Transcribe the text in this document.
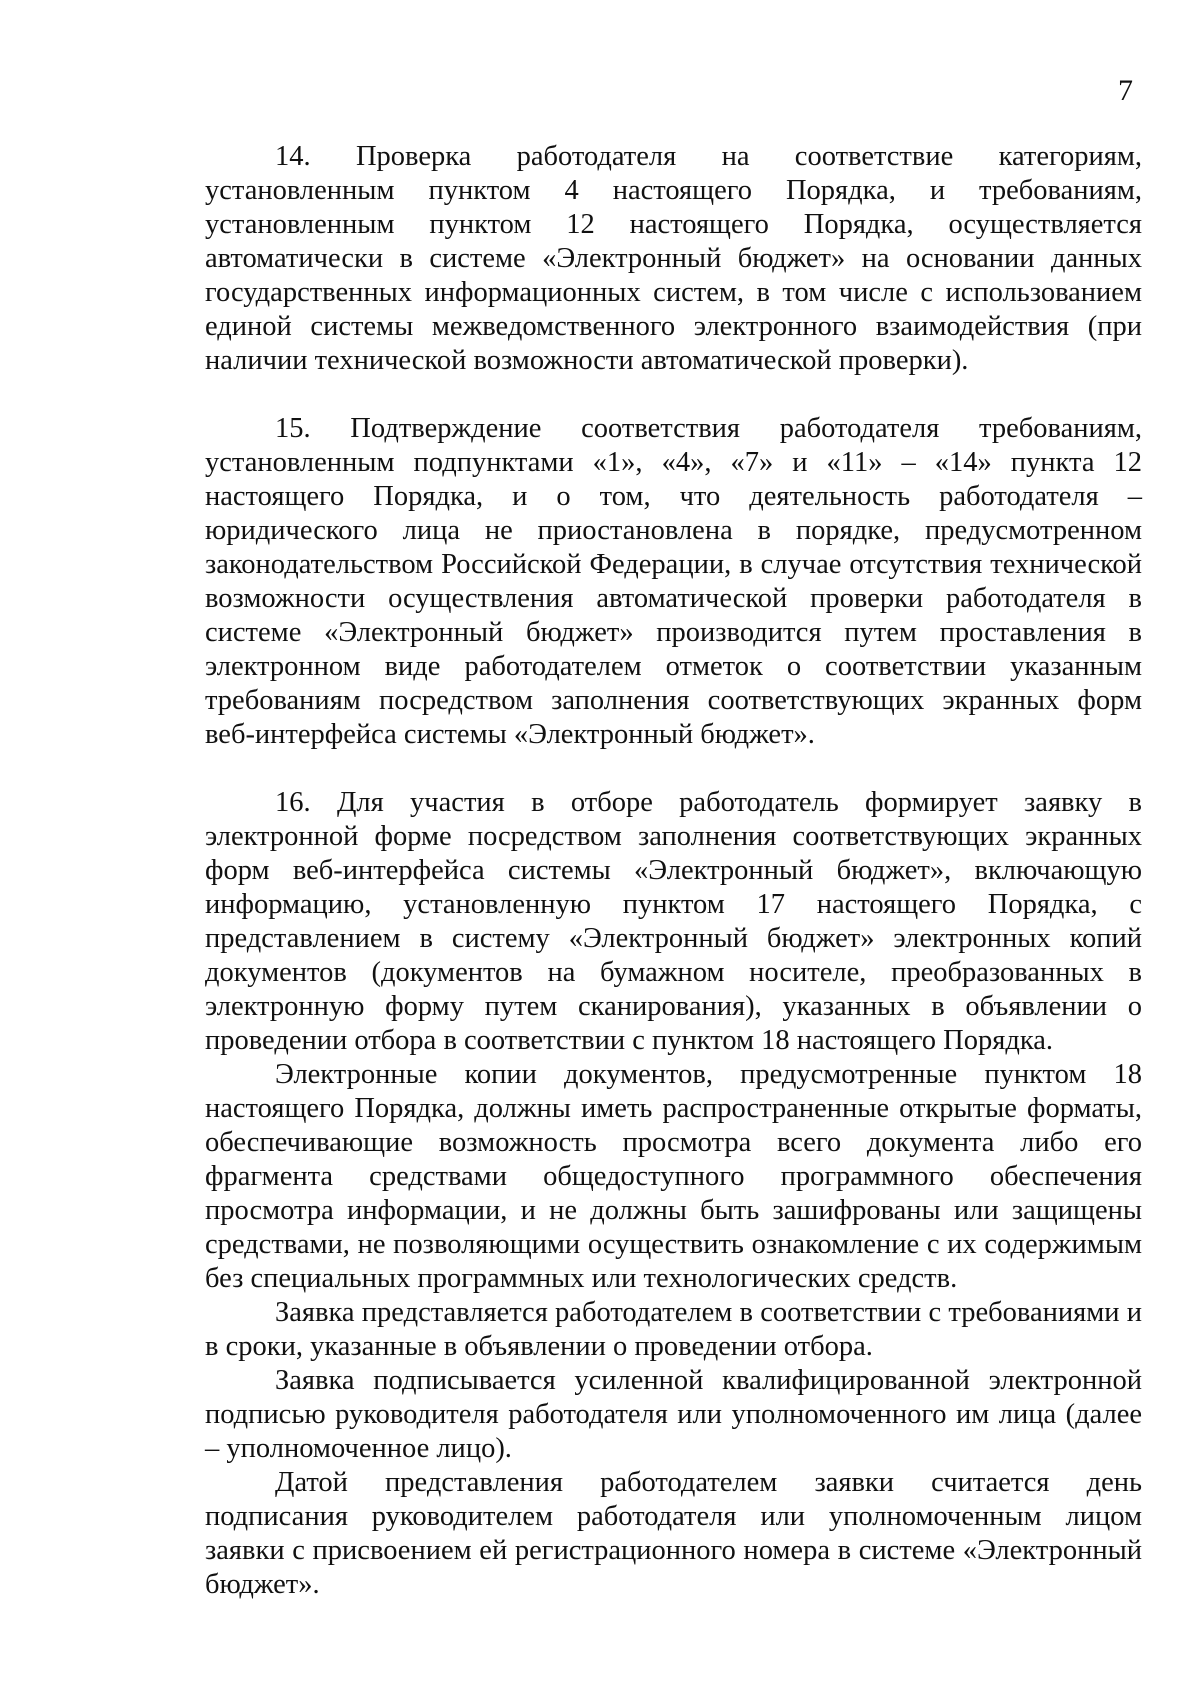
7

14. Проверка работодателя на соответствие категориям, установленным пунктом 4 настоящего Порядка, и требованиям, установленным пунктом 12 настоящего Порядка, осуществляется автоматически в системе «Электронный бюджет» на основании данных государственных информационных систем, в том числе с использованием единой системы межведомственного электронного взаимодействия (при наличии технической возможности автоматической проверки).

15. Подтверждение соответствия работодателя требованиям, установленным подпунктами «1», «4», «7» и «11» – «14» пункта 12 настоящего Порядка, и о том, что деятельность работодателя – юридического лица не приостановлена в порядке, предусмотренном законодательством Российской Федерации, в случае отсутствия технической возможности осуществления автоматической проверки работодателя в системе «Электронный бюджет» производится путем проставления в электронном виде работодателем отметок о соответствии указанным требованиям посредством заполнения соответствующих экранных форм веб-интерфейса системы «Электронный бюджет».

16. Для участия в отборе работодатель формирует заявку в электронной форме посредством заполнения соответствующих экранных форм веб-интерфейса системы «Электронный бюджет», включающую информацию, установленную пунктом 17 настоящего Порядка, с представлением в систему «Электронный бюджет» электронных копий документов (документов на бумажном носителе, преобразованных в электронную форму путем сканирования), указанных в объявлении о проведении отбора в соответствии с пунктом 18 настоящего Порядка.

Электронные копии документов, предусмотренные пунктом 18 настоящего Порядка, должны иметь распространенные открытые форматы, обеспечивающие возможность просмотра всего документа либо его фрагмента средствами общедоступного программного обеспечения просмотра информации, и не должны быть зашифрованы или защищены средствами, не позволяющими осуществить ознакомление с их содержимым без специальных программных или технологических средств.

Заявка представляется работодателем в соответствии с требованиями и в сроки, указанные в объявлении о проведении отбора.

Заявка подписывается усиленной квалифицированной электронной подписью руководителя работодателя или уполномоченного им лица (далее – уполномоченное лицо).

Датой представления работодателем заявки считается день подписания руководителем работодателя или уполномоченным лицом заявки с присвоением ей регистрационного номера в системе «Электронный бюджет».
